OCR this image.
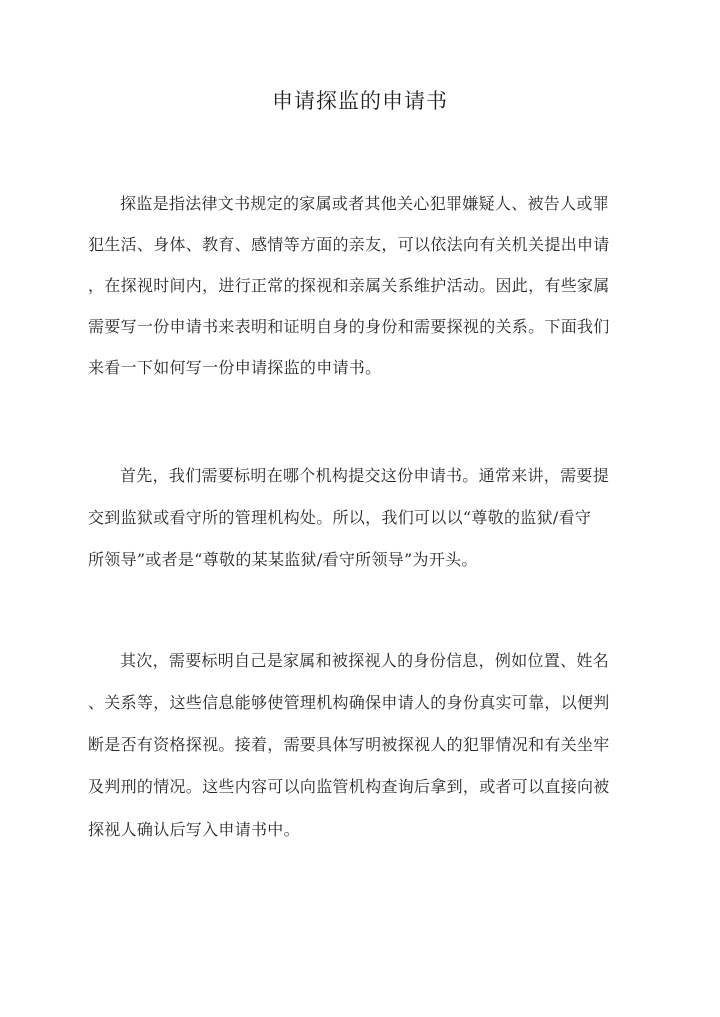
申请探监的申请书
探监是指法律文书规定的家属或者其他关心犯罪嫌疑人、被告人或罪
犯生活、身体、教育、感情等方面的亲友，可以依法向有关机关提出申请
，在探视时间内，进行正常的探视和亲属关系维护活动。因此，有些家属
需要写一份申请书来表明和证明自身的身份和需要探视的关系。下面我们
来看一下如何写一份申请探监的申请书。
首先，我们需要标明在哪个机构提交这份申请书。通常来讲，需要提
交到监狱或看守所的管理机构处。所以，我们可以以“尊敬的监狱/看守
所领导”或者是“尊敬的某某监狱/看守所领导”为开头。
其次，需要标明自己是家属和被探视人的身份信息，例如位置、姓名
、关系等，这些信息能够使管理机构确保申请人的身份真实可靠，以便判
断是否有资格探视。接着，需要具体写明被探视人的犯罪情况和有关坐牢
及判刑的情况。这些内容可以向监管机构查询后拿到，或者可以直接向被
探视人确认后写入申请书中。
